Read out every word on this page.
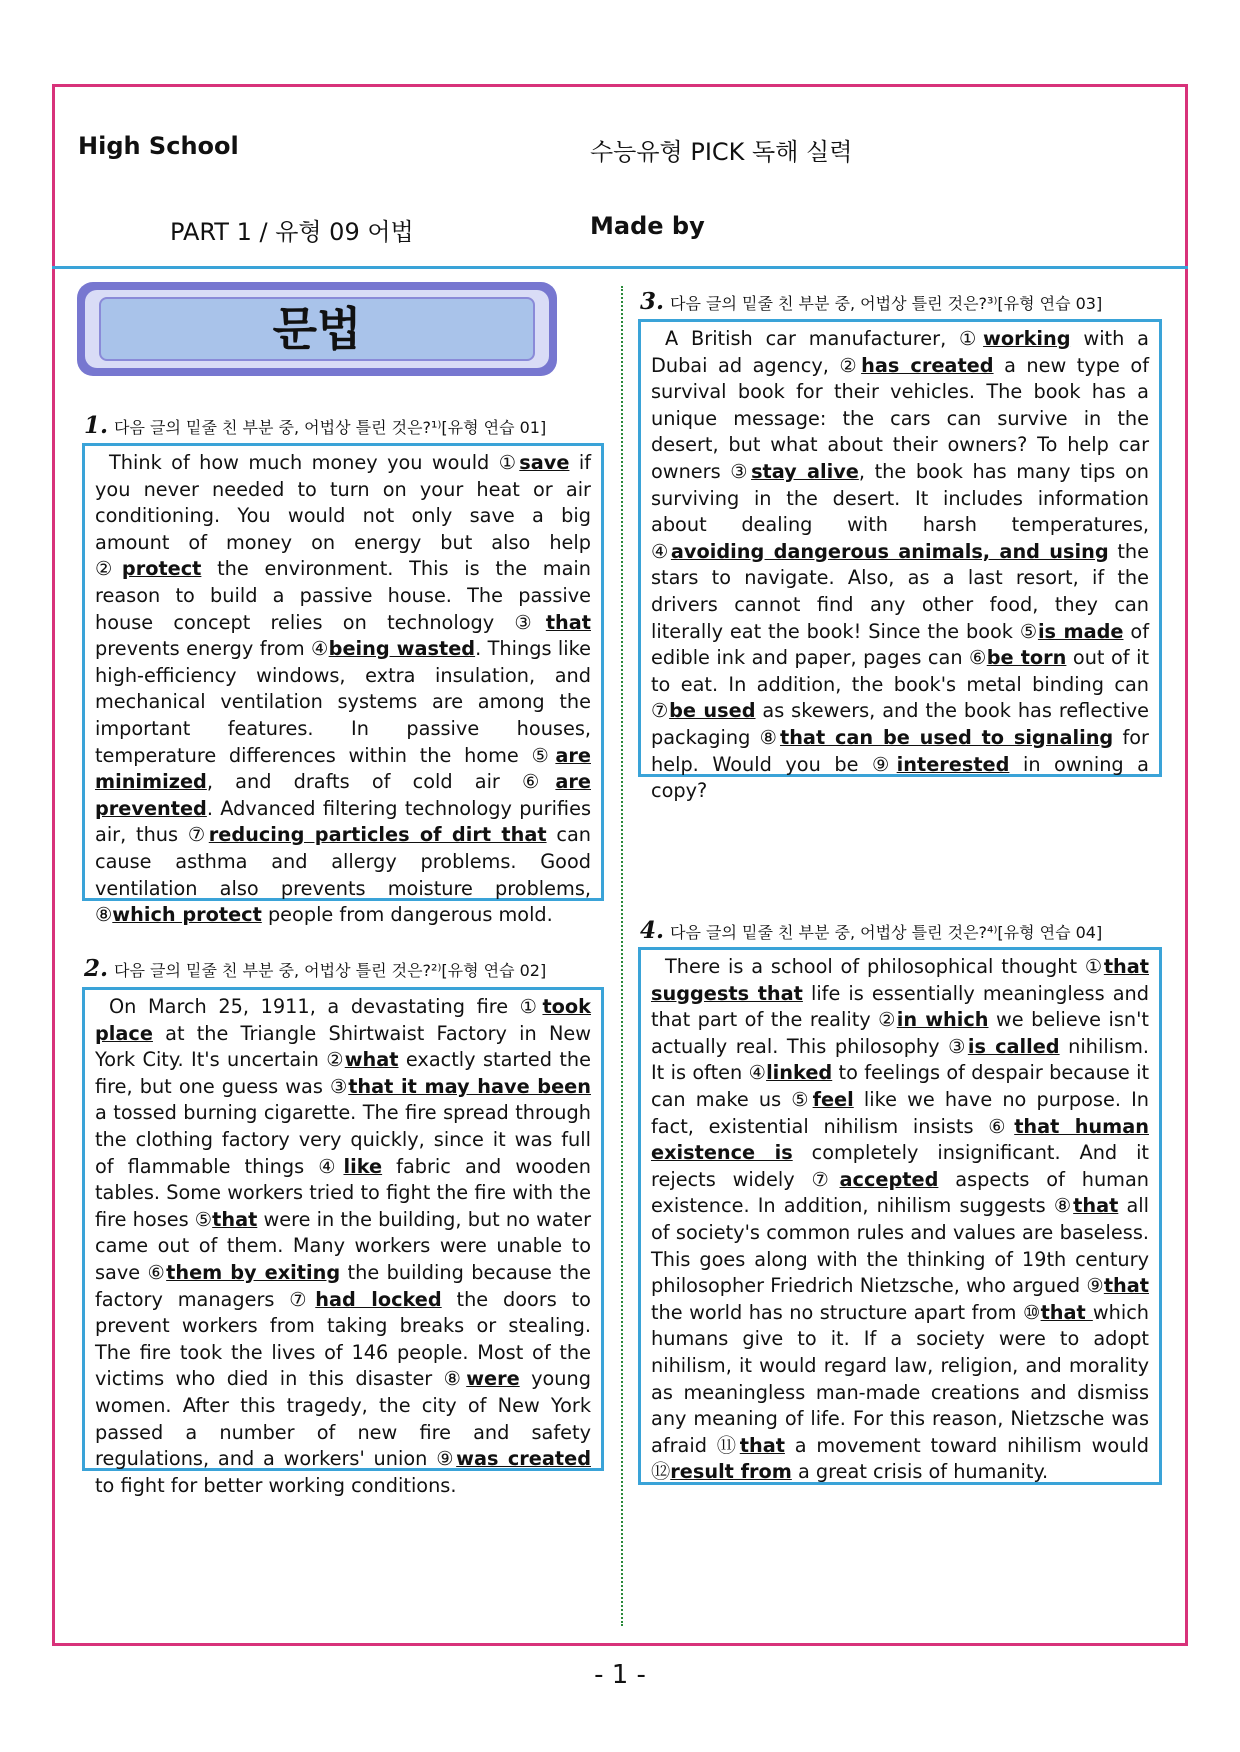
High School	수능유형 PICK 독해 실력
PART 1 / 유형 09 어법	Made by
문법
1. 다음 글의 밑줄 친 부분 중, 어법상 틀린 것은?¹⁾[유형 연습 01]

Think of how much money you would ①save if you never needed to turn on your heat or air conditioning. You would not only save a big amount of money on energy but also help ②protect the environment. This is the main reason to build a passive house. The passive house concept relies on technology ③that prevents energy from ④being wasted. Things like high-efficiency windows, extra insulation, and mechanical ventilation systems are among the important features. In passive houses, temperature differences within the home ⑤are minimized, and drafts of cold air ⑥are prevented. Advanced filtering technology purifies air, thus ⑦reducing particles of dirt that can cause asthma and allergy problems. Good ventilation also prevents moisture problems, ⑧which protect people from dangerous mold.

2. 다음 글의 밑줄 친 부분 중, 어법상 틀린 것은?²⁾[유형 연습 02]

On March 25, 1911, a devastating fire ①took place at the Triangle Shirtwaist Factory in New York City. It's uncertain ②what exactly started the fire, but one guess was ③that it may have been a tossed burning cigarette. The fire spread through the clothing factory very quickly, since it was full of flammable things ④like fabric and wooden tables. Some workers tried to fight the fire with the fire hoses ⑤that were in the building, but no water came out of them. Many workers were unable to save ⑥them by exiting the building because the factory managers ⑦had locked the doors to prevent workers from taking breaks or stealing. The fire took the lives of 146 people. Most of the victims who died in this disaster ⑧were young women. After this tragedy, the city of New York passed a number of new fire and safety regulations, and a workers' union ⑨was created to fight for better working conditions.

3. 다음 글의 밑줄 친 부분 중, 어법상 틀린 것은?³⁾[유형 연습 03]

A British car manufacturer, ①working with a Dubai ad agency, ②has created a new type of survival book for their vehicles. The book has a unique message: the cars can survive in the desert, but what about their owners? To help car owners ③stay alive, the book has many tips on surviving in the desert. It includes information about dealing with harsh temperatures, ④avoiding dangerous animals, and using the stars to navigate. Also, as a last resort, if the drivers cannot find any other food, they can literally eat the book! Since the book ⑤is made of edible ink and paper, pages can ⑥be torn out of it to eat. In addition, the book's metal binding can ⑦be used as skewers, and the book has reflective packaging ⑧that can be used to signaling for help. Would you be ⑨interested in owning a copy?

4. 다음 글의 밑줄 친 부분 중, 어법상 틀린 것은?⁴⁾[유형 연습 04]

There is a school of philosophical thought ①that suggests that life is essentially meaningless and that part of the reality ②in which we believe isn't actually real. This philosophy ③is called nihilism. It is often ④linked to feelings of despair because it can make us ⑤feel like we have no purpose. In fact, existential nihilism insists ⑥that human existence is completely insignificant. And it rejects widely ⑦accepted aspects of human existence. In addition, nihilism suggests ⑧that all of society's common rules and values are baseless. This goes along with the thinking of 19th century philosopher Friedrich Nietzsche, who argued ⑨that the world has no structure apart from ⑩that which humans give to it. If a society were to adopt nihilism, it would regard law, religion, and morality as meaningless man-made creations and dismiss any meaning of life. For this reason, Nietzsche was afraid ⑪that a movement toward nihilism would ⑫result from a great crisis of humanity.

- 1 -
